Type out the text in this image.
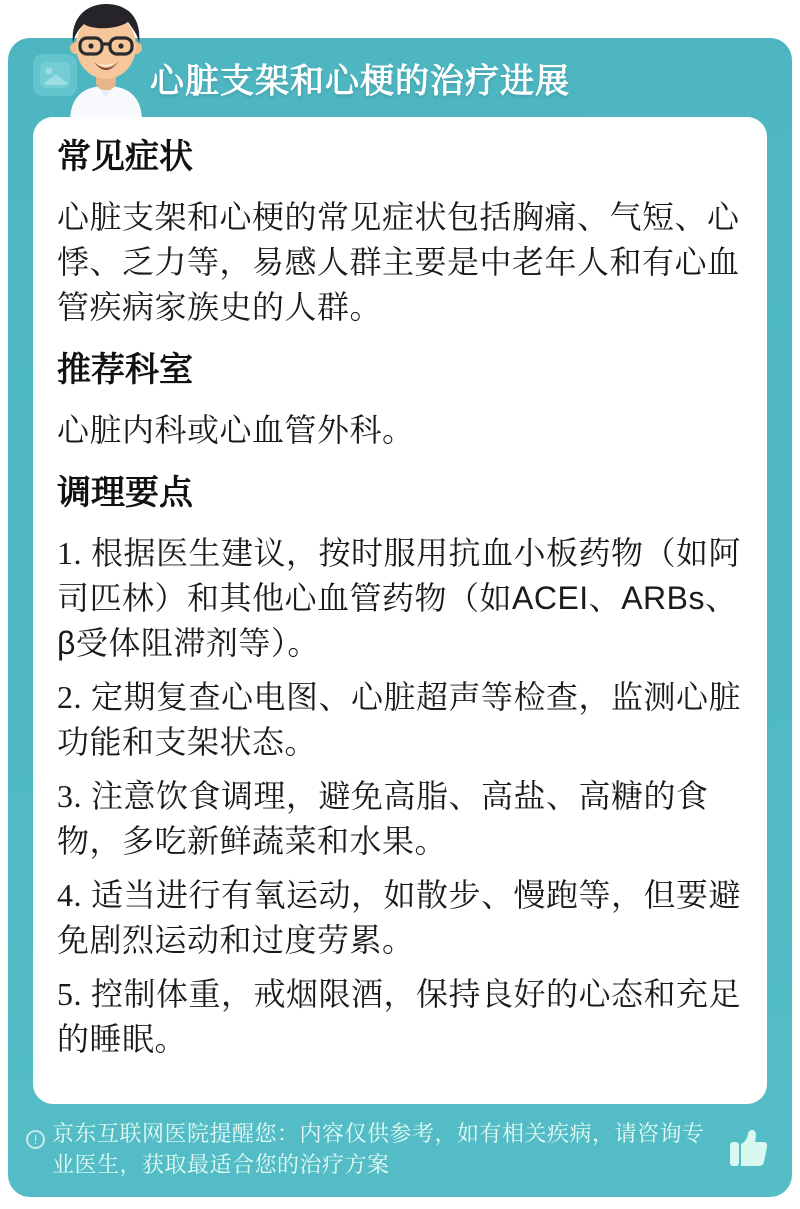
心脏支架和心梗的治疗进展
常见症状

心脏支架和心梗的常见症状包括胸痛、气短、心悸、乏力等，易感人群主要是中老年人和有心血管疾病家族史的人群。

推荐科室

心脏内科或心血管外科。

调理要点
1. 根据医生建议，按时服用抗血小板药物（如阿司匹林）和其他心血管药物（如ACEI、ARBs、β受体阻滞剂等）。
2. 定期复查心电图、心脏超声等检查，监测心脏功能和支架状态。
3. 注意饮食调理，避免高脂、高盐、高糖的食物，多吃新鲜蔬菜和水果。
4. 适当进行有氧运动，如散步、慢跑等，但要避免剧烈运动和过度劳累。
5. 控制体重，戒烟限酒，保持良好的心态和充足的睡眠。
! 京东互联网医院提醒您：内容仅供参考，如有相关疾病，请咨询专业医生，获取最适合您的治疗方案
